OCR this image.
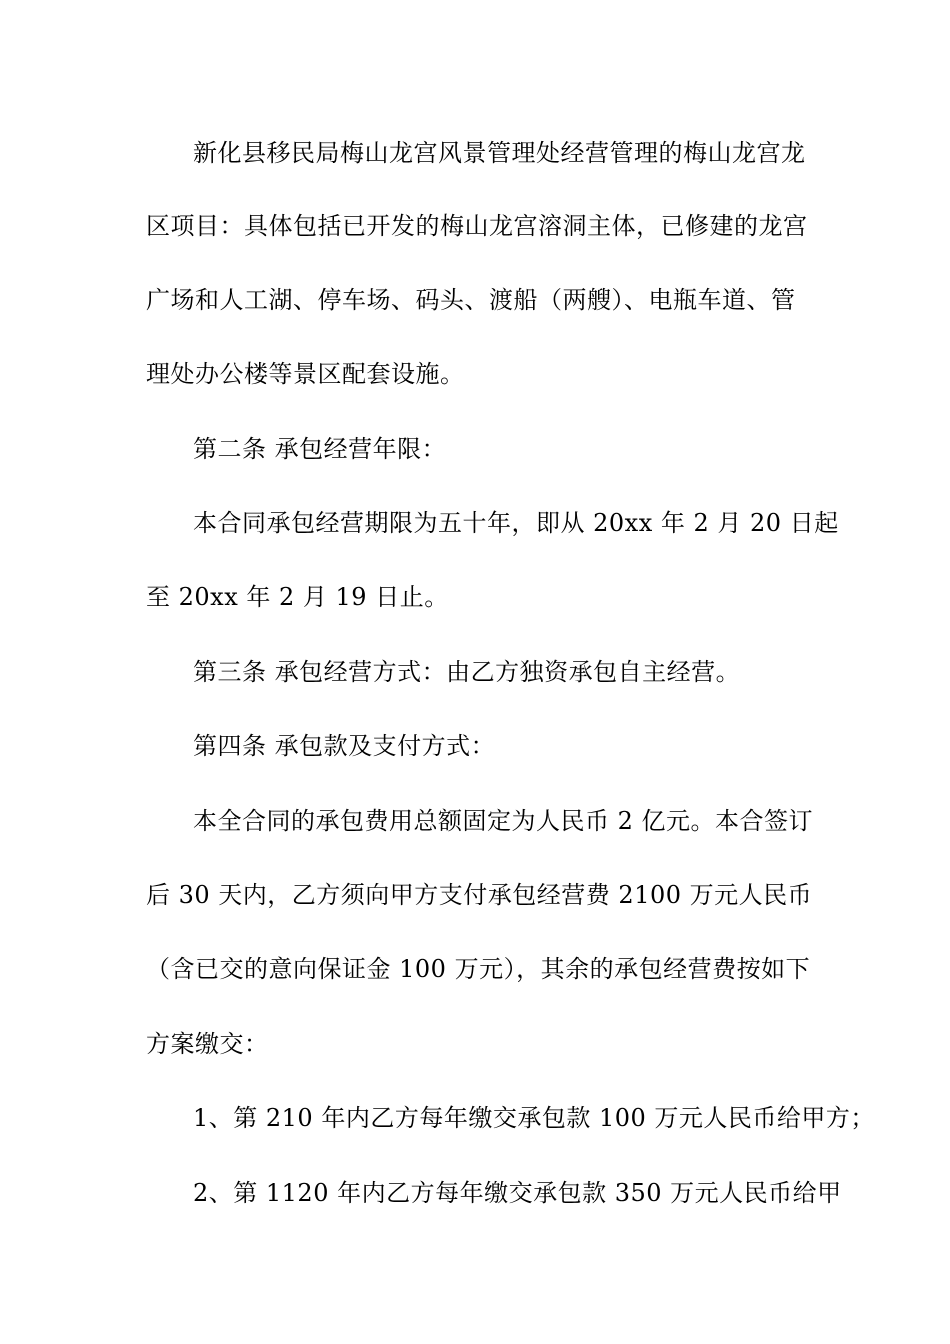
新化县移民局梅山龙宫风景管理处经营管理的梅山龙宫龙
区项目：具体包括已开发的梅山龙宫溶洞主体，已修建的龙宫
广场和人工湖、停车场、码头、渡船（两艘）、电瓶车道、管
理处办公楼等景区配套设施。
第二条 承包经营年限：
本合同承包经营期限为五十年，即从 20xx 年 2 月 20 日起
至 20xx 年 2 月 19 日止。
第三条 承包经营方式：由乙方独资承包自主经营。
第四条 承包款及支付方式：
本全合同的承包费用总额固定为人民币 2 亿元。本合签订
后 30 天内，乙方须向甲方支付承包经营费 2100 万元人民币
（含已交的意向保证金 100 万元），其余的承包经营费按如下
方案缴交：
1、第 210 年内乙方每年缴交承包款 100 万元人民币给甲方；
2、第 1120 年内乙方每年缴交承包款 350 万元人民币给甲
